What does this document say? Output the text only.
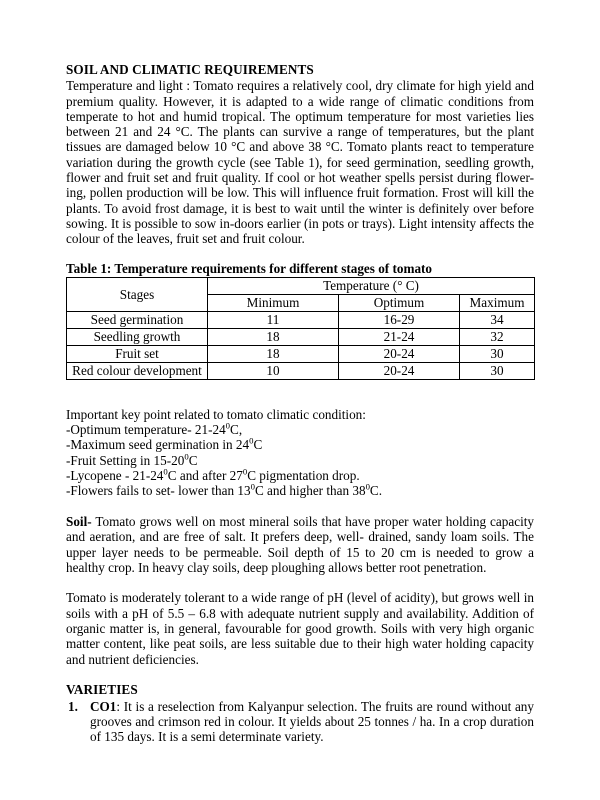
SOIL AND CLIMATIC REQUIREMENTS

Temperature and light : Tomato requires a relatively cool, dry climate for high yield and premium quality. However, it is adapted to a wide range of climatic conditions from temperate to hot and humid tropical. The optimum temperature for most varieties lies between 21 and 24 °C. The plants can survive a range of temperatures, but the plant tissues are damaged below 10 °C and above 38 °C. Tomato plants react to temperature variation during the growth cycle (see Table 1), for seed germination, seedling growth, flower and fruit set and fruit quality. If cool or hot weather spells persist during flower-ing, pollen production will be low. This will influence fruit formation. Frost will kill the plants. To avoid frost damage, it is best to wait until the winter is definitely over before sowing. It is possible to sow in-doors earlier (in pots or trays). Light intensity affects the colour of the leaves, fruit set and fruit colour.

Table 1: Temperature requirements for different stages of tomato
Stages	Temperature (° C)		
	Minimum	Optimum	Maximum
Seed germination	11	16-29	34
Seedling growth	18	21-24	32
Fruit set	18	20-24	30
Red colour development	10	20-24	30
Important key point related to tomato climatic condition:
-Optimum temperature- $21-24^0C$,
-Maximum seed germination in $24^0C$
-Fruit Setting in $15-20^0C$
-Lycopene - $21-24^0C$ and after $27^0C$ pigmentation drop.
-Flowers fails to set- lower than $13^0C$ and higher than $38^0C$.

Soil- Tomato grows well on most mineral soils that have proper water holding capacity and aeration, and are free of salt. It prefers deep, well- drained, sandy loam soils. The upper layer needs to be permeable. Soil depth of 15 to 20 cm is needed to grow a healthy crop. In heavy clay soils, deep ploughing allows better root penetration.

Tomato is moderately tolerant to a wide range of pH (level of acidity), but grows well in soils with a pH of 5.5 – 6.8 with adequate nutrient supply and availability. Addition of organic matter is, in general, favourable for good growth. Soils with very high organic matter content, like peat soils, are less suitable due to their high water holding capacity and nutrient deficiencies.

VARIETIES
1. CO1: It is a reselection from Kalyanpur selection. The fruits are round without any grooves and crimson red in colour. It yields about 25 tonnes / ha. In a crop duration of 135 days. It is a semi determinate variety.
